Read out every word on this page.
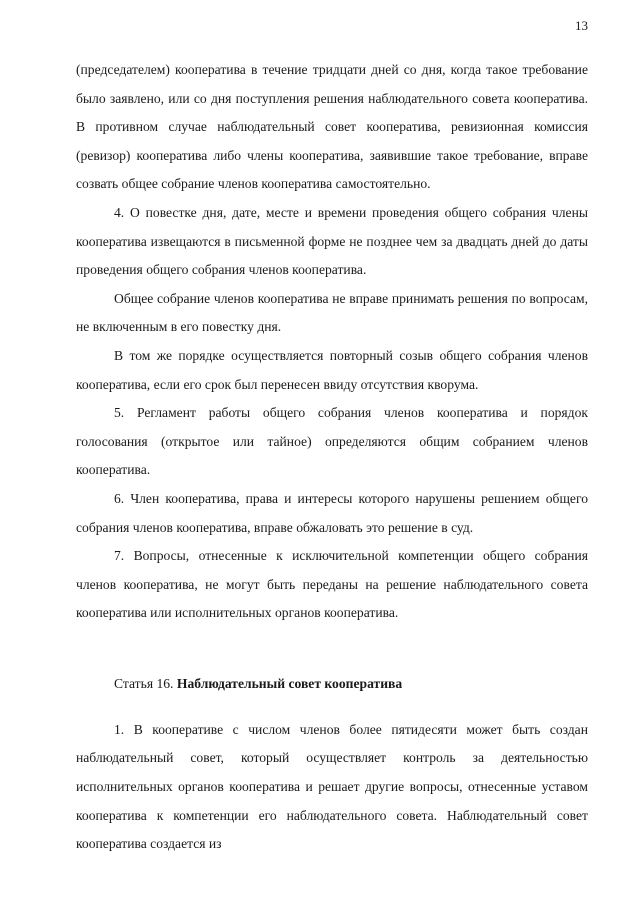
13

(председателем) кооператива в течение тридцати дней со дня, когда такое требование было заявлено, или со дня поступления решения наблюдательного совета кооператива. В противном случае наблюдательный совет кооператива, ревизионная комиссия (ревизор) кооператива либо члены кооператива, заявившие такое требование, вправе созвать общее собрание членов кооператива самостоятельно.

4. О повестке дня, дате, месте и времени проведения общего собрания члены кооператива извещаются в письменной форме не позднее чем за двадцать дней до даты проведения общего собрания членов кооператива.

Общее собрание членов кооператива не вправе принимать решения по вопросам, не включенным в его повестку дня.

В том же порядке осуществляется повторный созыв общего собрания членов кооператива, если его срок был перенесен ввиду отсутствия кворума.

5. Регламент работы общего собрания членов кооператива и порядок голосования (открытое или тайное) определяются общим собранием членов кооператива.

6. Член кооператива, права и интересы которого нарушены решением общего собрания членов кооператива, вправе обжаловать это решение в суд.

7. Вопросы, отнесенные к исключительной компетенции общего собрания членов кооператива, не могут быть переданы на решение наблюдательного совета кооператива или исполнительных органов кооператива.

Статья 16. Наблюдательный совет кооператива

1. В кооперативе с числом членов более пятидесяти может быть создан наблюдательный совет, который осуществляет контроль за деятельностью исполнительных органов кооператива и решает другие вопросы, отнесенные уставом кооператива к компетенции его наблюдательного совета. Наблюдательный совет кооператива создается из
